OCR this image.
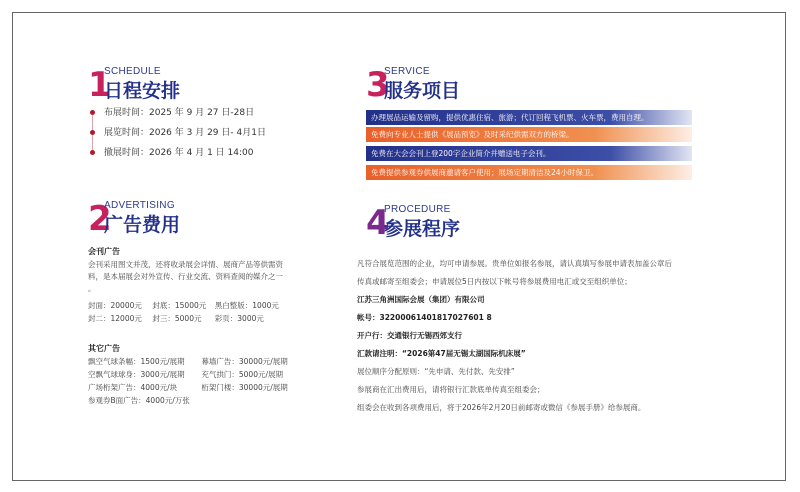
1
SCHEDULE
日程安排
布展时间：2025 年 9 月 27 日-28日
展览时间：2026 年 3 月 29 日- 4月1日
撤展时间：2026 年 4 月 1 日 14:00
3
SERVICE
服务项目
办理展品运输及留购，提供优惠住宿、旅游；代订回程飞机票、火车票，费用自理。
免费向专业人士提供《展品预览》及时采纪供需双方的桥梁。
免费在大会会刊上登200字企业简介并赠送电子会刊。
免费提供参观券供展商邀请客户使用；展场定期清洁及24小时保卫。
2
ADVERTISING
广告费用
会刊广告
会刊采用图文并茂，还将收录展会详情、展商产品等供需资
料，是本届展会对外宣传、行业交流、资料查阅的媒介之一
。
封面：20000元 封底：15000元 黑白整版：1000元
封二：12000元 封三：5000元 彩页：3000元
其它广告
飘空气球条幅：1500元/展期 幕墙广告：30000元/展期
空飘气球球身：3000元/展期 充气拱门：5000元/展期
广场桁架广告：4000元/块	桁架门楼：30000元/展期
参观券B面广告：4000元/万张
4
PROCEDURE
参展程序
凡符合展览范围的企业，均可申请参展。贵单位如报名参展，请认真填写参展申请表加盖公章后
传真或邮寄至组委会；申请展位5日内按以下帐号将参展费用电汇或交至组织单位；
江苏三角洲国际会展（集团）有限公司
帐号：32200061401817027601 8
开户行：交通银行无锡西郊支行
汇款请注明：“2026第47届无锡太湖国际机床展”
展位顺序分配原则：“先申请、先付款、先安排”
参展商在汇出费用后，请将银行汇款底单传真至组委会；
组委会在收到各项费用后，将于2026年2月20日前邮寄或微信《参展手册》给参展商。
